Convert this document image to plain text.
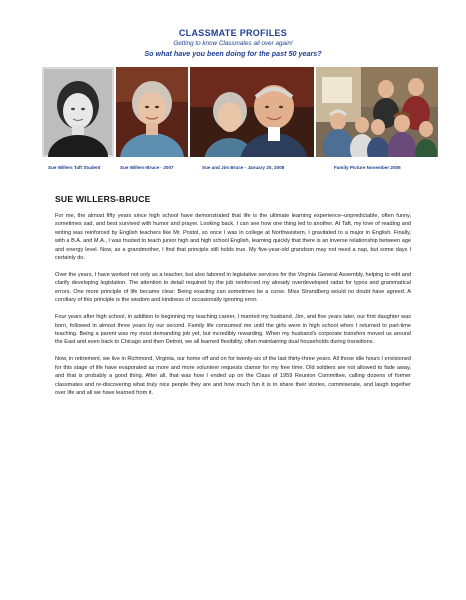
CLASSMATE PROFILES
Getting to know Classmates all over again!
So what have you been doing for the past 50 years?
Sue Willers Taft Student	Sue Willers-Bruce - 2007	Sue and Jim Bruce - January 20, 2008	Family Picture November 2006
SUE WILLERS-BRUCE

For me, the almost fifty years since high school have demonstrated that life is the ultimate learning experience–unpredictable, often funny, sometimes sad, and best survived with humor and prayer. Looking back, I can see how one thing led to another. At Taft, my love of reading and writing was reinforced by English teachers like Mr. Postol, so once I was in college at Northwestern, I gravitated to a major in English. Finally, with a B.A. and M.A., I was trusted to teach junior high and high school English, learning quickly that there is an inverse relationship between age and energy level. Now, as a grandmother, I find that principle still holds true. My five-year-old grandson may not need a nap, but some days I certainly do.

Over the years, I have worked not only as a teacher, but also labored in legislative services for the Virginia General Assembly, helping to edit and clarify developing legislation. The attention to detail required by the job reinforced my already overdeveloped radar for typos and grammatical errors. One more principle of life became clear: Being exacting can sometimes be a curse. Miss Strandberg would no doubt have agreed. A corollary of this principle is the wisdom and kindness of occasionally ignoring error.

Four years after high school, in addition to beginning my teaching career, I married my husband, Jim, and five years later, our first daughter was born, followed in almost three years by our second. Family life consumed me until the girls were in high school when I returned to part-time teaching. Being a parent was my most demanding job yet, but incredibly rewarding. When my husband's corporate transfers moved us around the East and even back to Chicago and then Detroit, we all learned flexibility, often maintaining dual households during transitions.

Now, in retirement, we live in Richmond, Virginia, our home off and on for twenty-six of the last thirty-three years. All those idle hours I envisioned for this stage of life have evaporated as more and more volunteer requests clamor for my free time. Old soldiers are not allowed to fade away, and that is probably a good thing. After all, that was how I ended up on the Class of 1959 Reunion Committee, calling dozens of former classmates and re-discovering what truly nice people they are and how much fun it is to share their stories, commiserate, and laugh together over life and all we have learned from it.
